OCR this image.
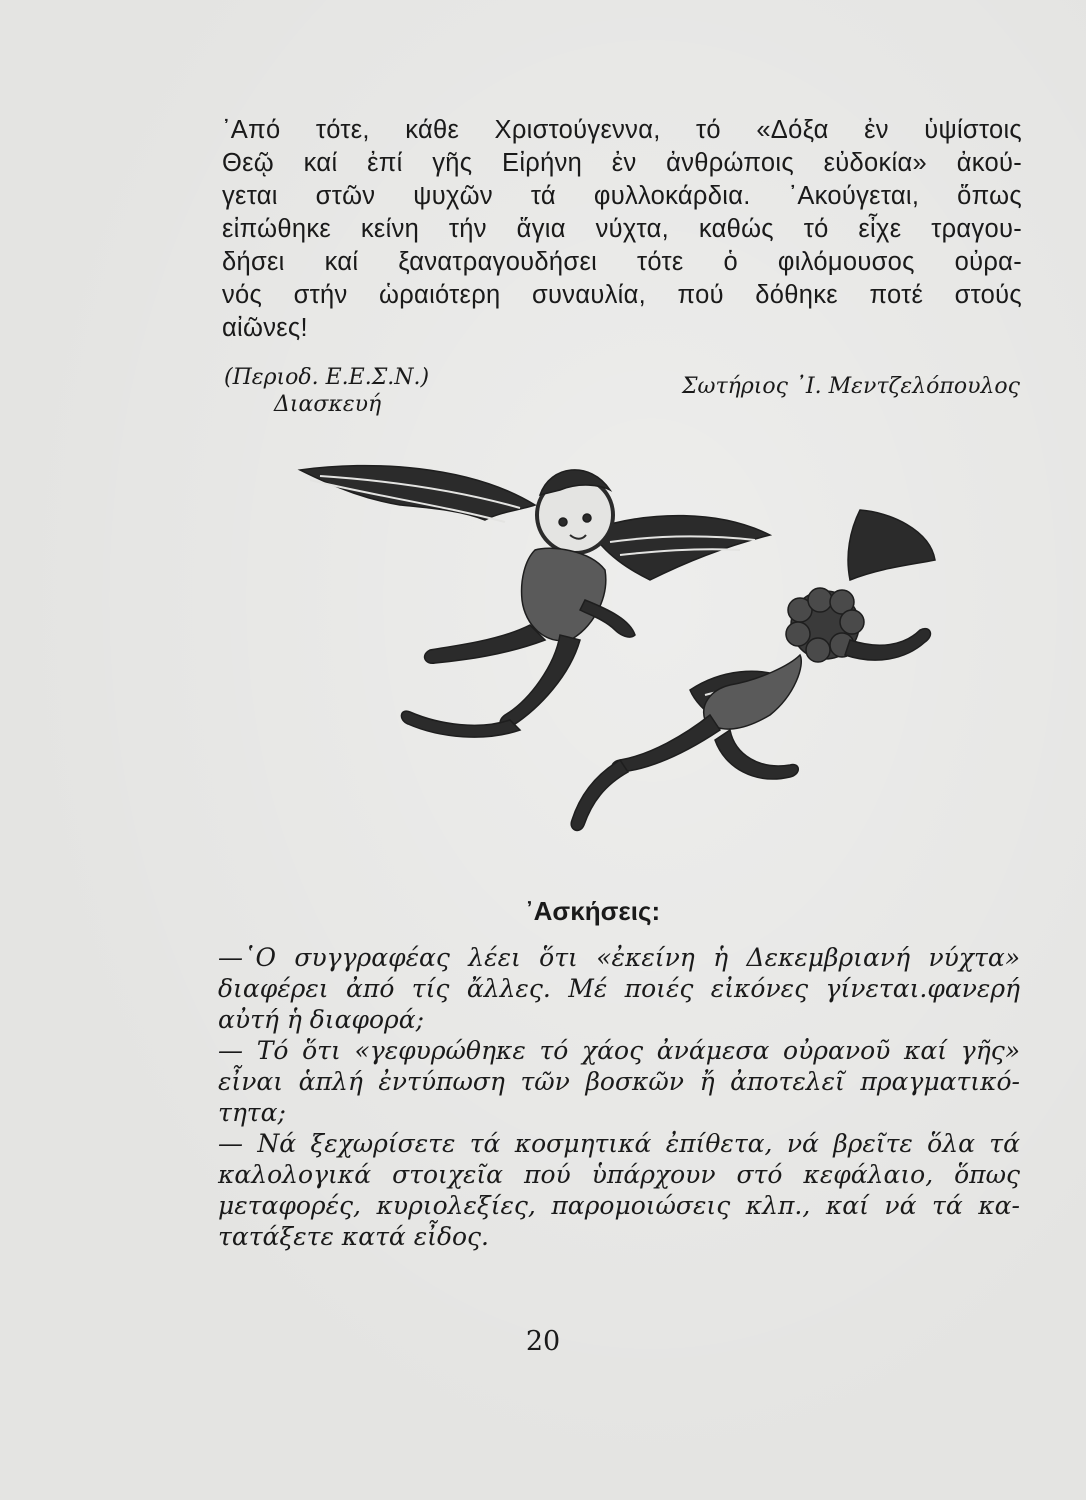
᾿Από τότε, κάθε Χριστούγεννα, τό «Δόξα ἐν ὑψίστοις
Θεῷ καί ἐπί γῆς Εἰρήνη ἐν ἀνθρώποις εὐδοκία» ἀκού-
γεται στῶν ψυχῶν τά φυλλοκάρδια. ᾿Ακούγεται, ὅπως
εἰπώθηκε κείνη τήν ἅγια νύχτα, καθώς τό εἶχε τραγου-
δήσει καί ξανατραγουδήσει τότε ὁ φιλόμουσος οὐρα-
νός στήν ὡραιότερη συναυλία, πού δόθηκε ποτέ στούς
αἰῶνες!
(Περιοδ. Ε.Ε.Σ.Ν.)
Διασκευή
Σωτήριος ᾿Ι. Μεντζελόπουλος
᾿Ασκήσεις:
—῾Ο συγγραφέας λέει ὅτι «ἐκείνη ἡ Δεκεμβριανή νύχτα»
διαφέρει ἀπό τίς ἄλλες. Μέ ποιές εἰκόνες γίνεται.φανερή
αὐτή ἡ διαφορά;
— Τό ὅτι «γεφυρώθηκε τό χάος ἀνάμεσα οὐρανοῦ καί γῆς»
εἶναι ἁπλή ἐντύπωση τῶν βοσκῶν ἤ ἀποτελεῖ πραγματικό-
τητα;
— Νά ξεχωρίσετε τά κοσμητικά ἐπίθετα, νά βρεῖτε ὅλα τά
καλολογικά στοιχεῖα πού ὑπάρχουν στό κεφάλαιο, ὅπως
μεταφορές, κυριολεξίες, παρομοιώσεις κλπ., καί νά τά κα-
τατάξετε κατά εἶδος.
20
